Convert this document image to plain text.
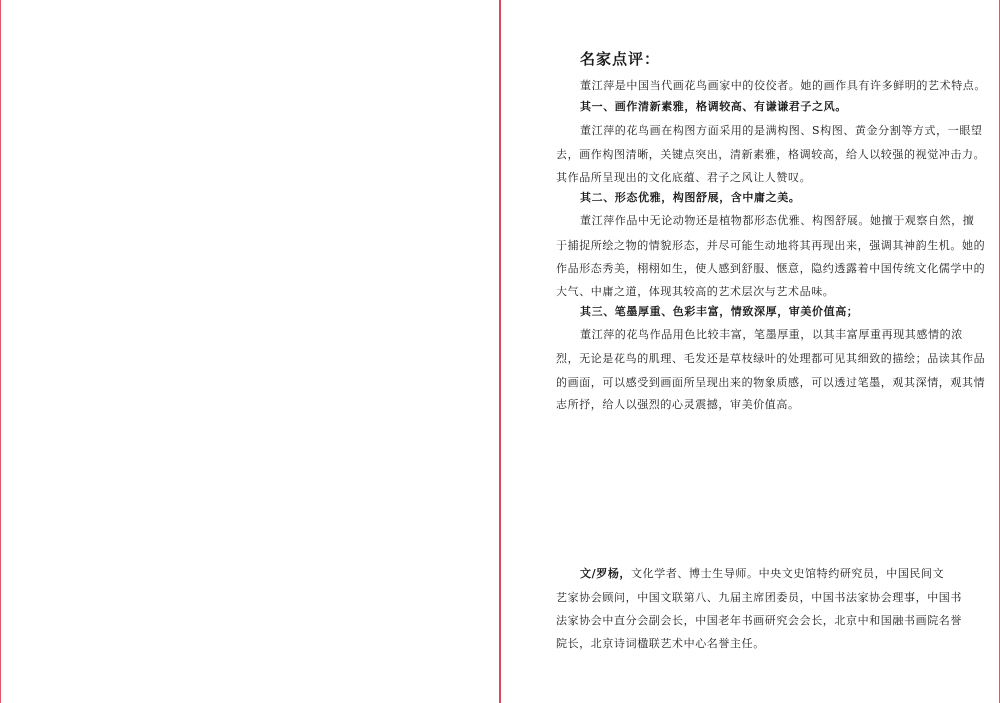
名家点评：
董江萍是中国当代画花鸟画家中的佼佼者。她的画作具有许多鲜明的艺术特点。
其一、画作清新素雅，格调较高、有谦谦君子之风。
董江萍的花鸟画在构图方面采用的是满构图、S构图、黄金分割等方式，一眼望
去，画作构图清晰，关键点突出，清新素雅，格调较高，给人以较强的视觉冲击力。
其作品所呈现出的文化底蕴、君子之风让人赞叹。
其二、形态优雅，构图舒展，含中庸之美。
董江萍作品中无论动物还是植物都形态优雅、构图舒展。她擅于观察自然，擅
于捕捉所绘之物的情貌形态，并尽可能生动地将其再现出来，强调其神韵生机。她的
作品形态秀美，栩栩如生，使人感到舒服、惬意，隐约透露着中国传统文化儒学中的
大气、中庸之道，体现其较高的艺术层次与艺术品味。
其三、笔墨厚重、色彩丰富，情致深厚，审美价值高；
董江萍的花鸟作品用色比较丰富，笔墨厚重，以其丰富厚重再现其感情的浓
烈，无论是花鸟的肌理、毛发还是草枝绿叶的处理都可见其细致的描绘；品读其作品
的画面，可以感受到画面所呈现出来的物象质感，可以透过笔墨，观其深情，观其情
志所抒，给人以强烈的心灵震撼，审美价值高。
文/罗杨，文化学者、博士生导师。中央文史馆特约研究员，中国民间文
艺家协会顾问，中国文联第八、九届主席团委员，中国书法家协会理事，中国书
法家协会中直分会副会长，中国老年书画研究会会长，北京中和国融书画院名誉
院长，北京诗词楹联艺术中心名誉主任。
